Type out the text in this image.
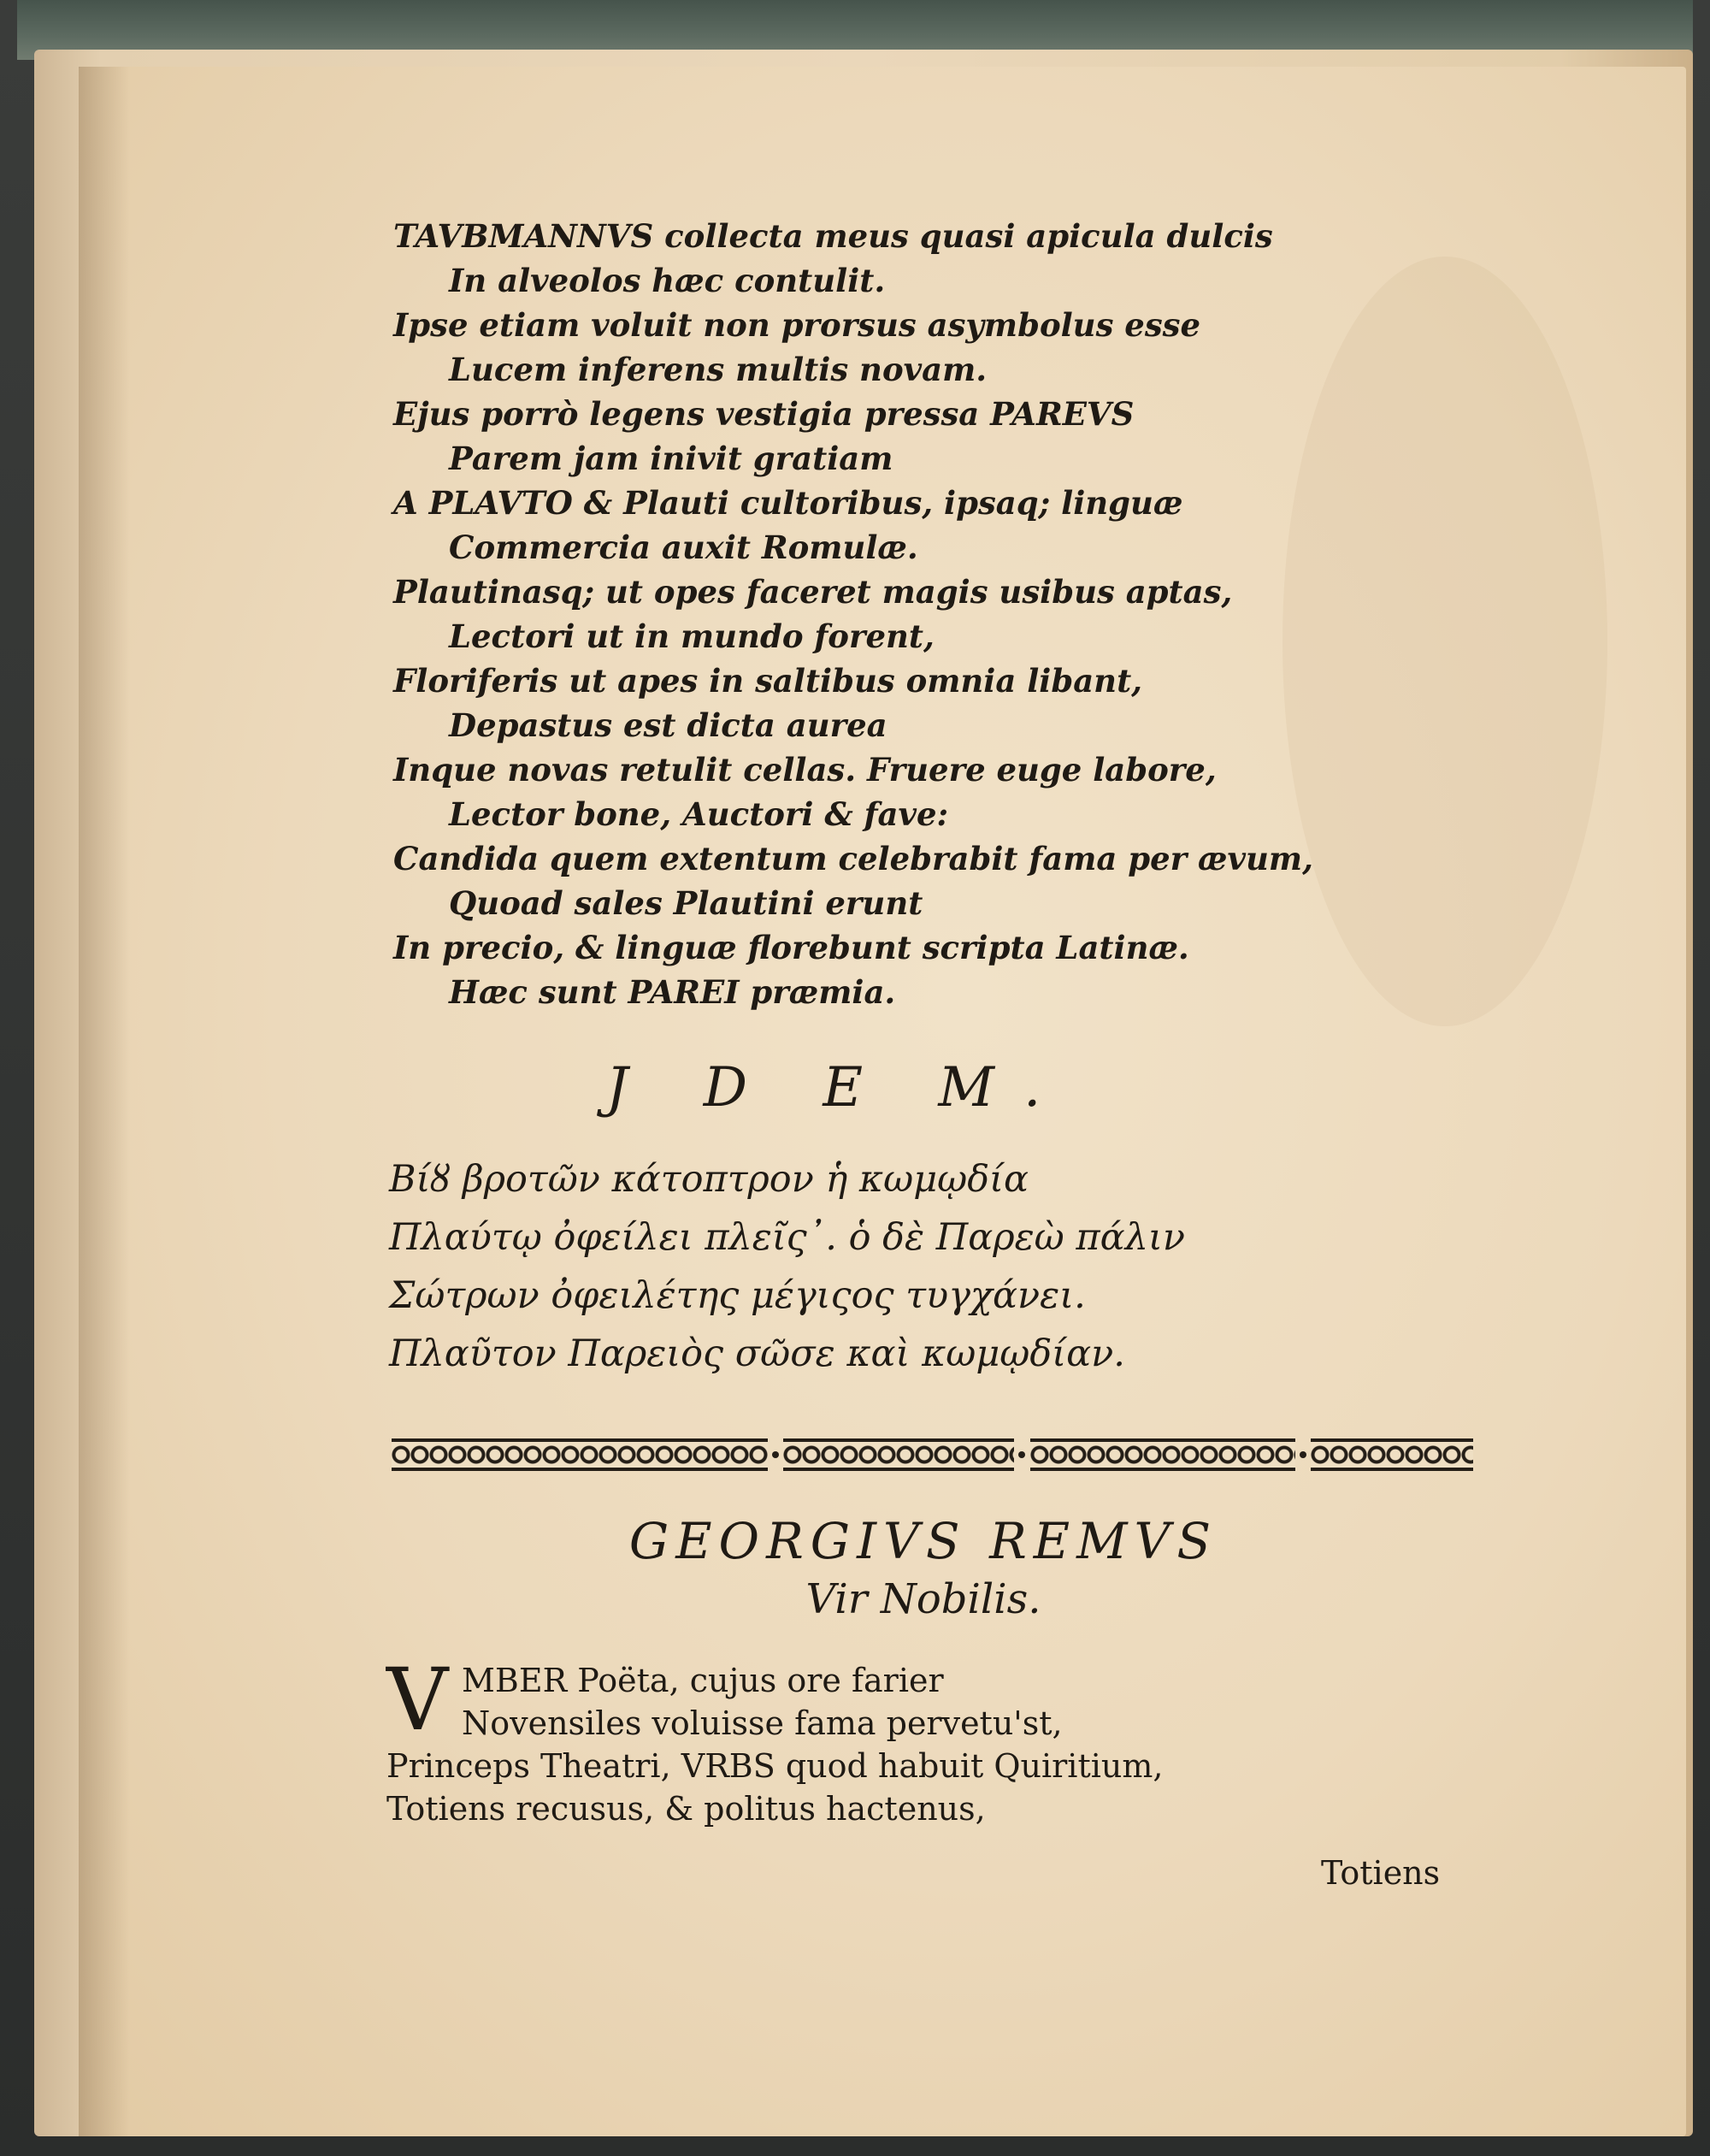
TAVBMANNVS collecta meus quasi apicula dulcis
In alveolos hæc contulit.
Ipse etiam voluit non prorsus asymbolus esse
Lucem inferens multis novam.
Ejus porrò legens vestigia pressa PAREVS
Parem jam inivit gratiam
A PLAVTO & Plauti cultoribus, ipsaq; linguæ
Commercia auxit Romulæ.
Plautinasq; ut opes faceret magis usibus aptas,
Lectori ut in mundo forent,
Floriferis ut apes in saltibus omnia libant,
Depastus est dicta aurea
Inque novas retulit cellas. Fruere euge labore,
Lector bone, Auctori & fave:
Candida quem extentum celebrabit fama per ævum,
Quoad sales Plautini erunt
In precio, & linguæ florebunt scripta Latinæ.
Hæc sunt PAREI præmia.
J D E M.
Βίȣ βροτῶν κάτοπτρον ἡ κωμῳδία
Πλαύτῳ ὀφείλει πλεῖς᾽. ὁ δὲ Παρεὼ πάλιν
Σώτρων ὀφειλέτης μέγιςος τυγχάνει.
Πλαῦτον Παρειὸς σῶσε καὶ κωμῳδίαν.
GEORGIVS REMVS
Vir Nobilis.
V MBER Poëta, cujus ore farier
Novensiles voluisse fama pervetu'st,
Princeps Theatri, VRBS quod habuit Quiritium,
Totiens recusus, & politus hactenus,
Totiens
